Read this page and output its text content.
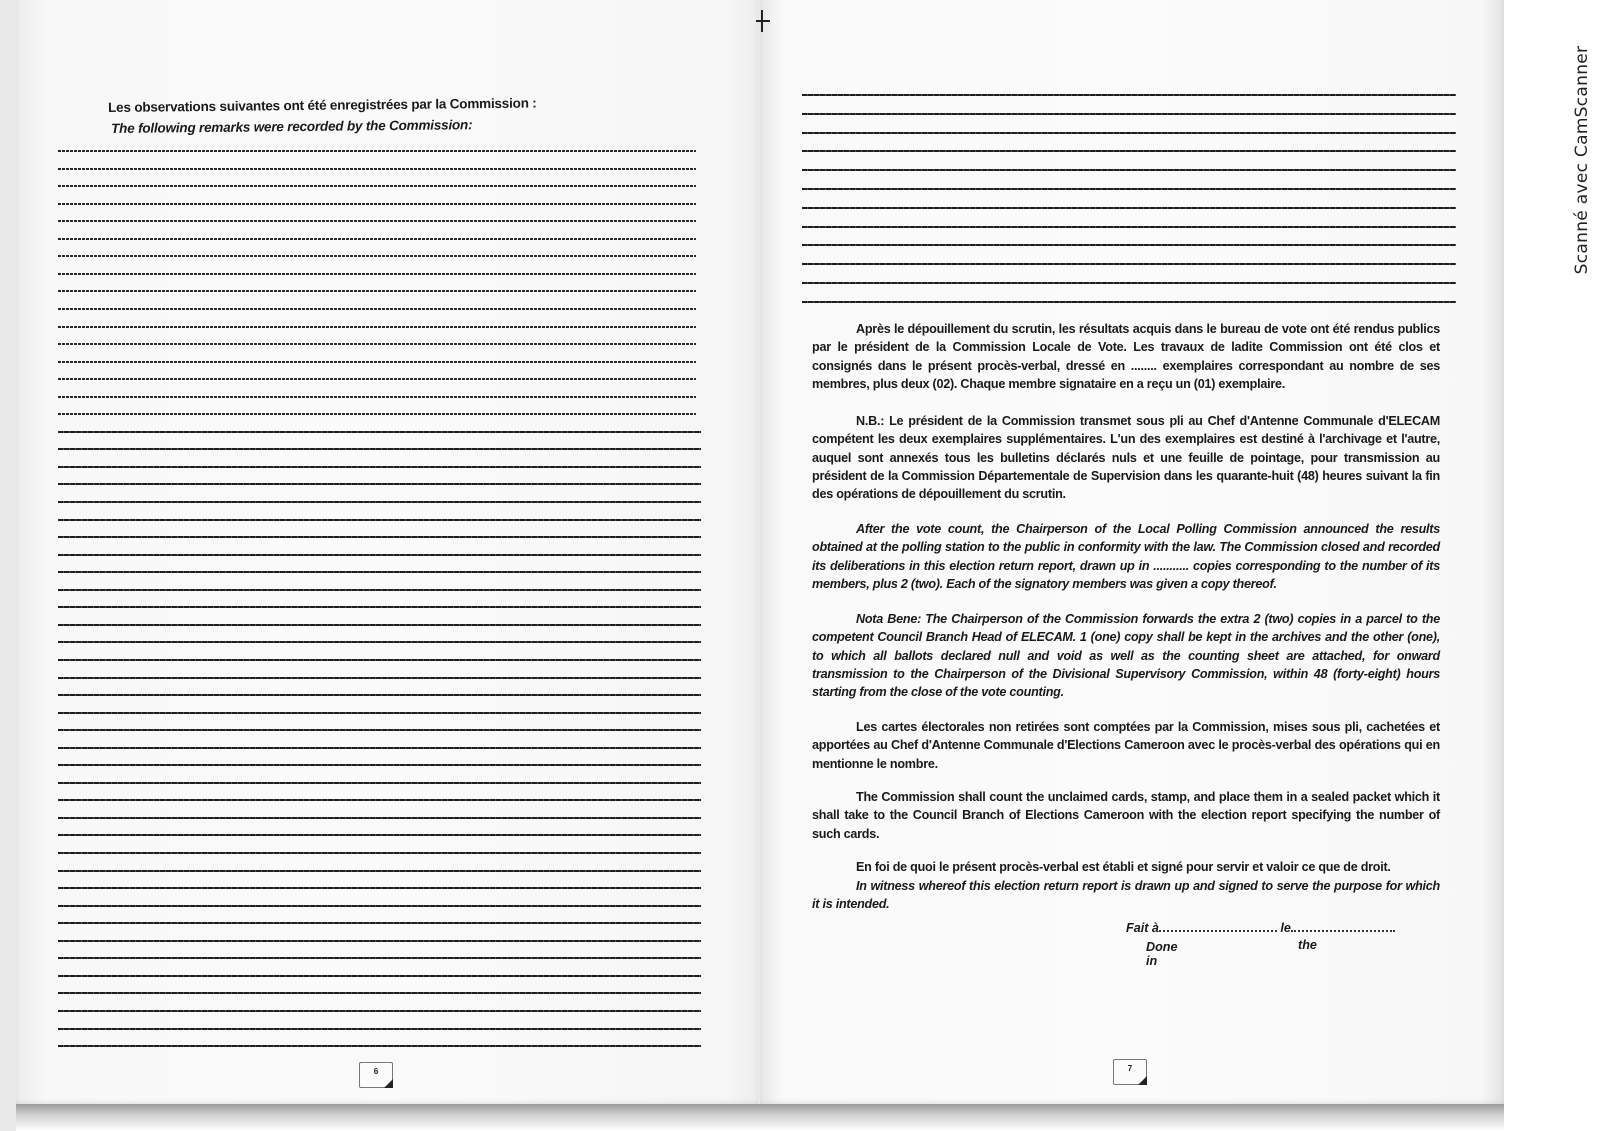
Les observations suivantes ont été enregistrées par la Commission :
The following remarks were recorded by the Commission:
6
Après le dépouillement du scrutin, les résultats acquis dans le bureau de vote ont été rendus publics par le président de la Commission Locale de Vote. Les travaux de ladite Commission ont été clos et consignés dans le présent procès-verbal, dressé en ........ exemplaires correspondant au nombre de ses membres, plus deux (02). Chaque membre signataire en a reçu un (01) exemplaire.
N.B.: Le président de la Commission transmet sous pli au Chef d'Antenne Communale d'ELECAM compétent les deux exemplaires supplémentaires. L'un des exemplaires est destiné à l'archivage et l'autre, auquel sont annexés tous les bulletins déclarés nuls et une feuille de pointage, pour transmission au président de la Commission Départementale de Supervision dans les quarante-huit (48) heures suivant la fin des opérations de dépouillement du scrutin.
After the vote count, the Chairperson of the Local Polling Commission announced the results obtained at the polling station to the public in conformity with the law. The Commission closed and recorded its deliberations in this election return report, drawn up in ........... copies corresponding to the number of its members, plus 2 (two). Each of the signatory members was given a copy thereof.
Nota Bene: The Chairperson of the Commission forwards the extra 2 (two) copies in a parcel to the competent Council Branch Head of ELECAM. 1 (one) copy shall be kept in the archives and the other (one), to which all ballots declared null and void as well as the counting sheet are attached, for onward transmission to the Chairperson of the Divisional Supervisory Commission, within 48 (forty-eight) hours starting from the close of the vote counting.
Les cartes électorales non retirées sont comptées par la Commission, mises sous pli, cachetées et apportées au Chef d'Antenne Communale d'Elections Cameroon avec le procès-verbal des opérations qui en mentionne le nombre.
The Commission shall count the unclaimed cards, stamp, and place them in a sealed packet which it shall take to the Council Branch of Elections Cameroon with the election report specifying the number of such cards.
En foi de quoi le présent procès-verbal est établi et signé pour servir et valoir ce que de droit.
In witness whereof this election return report is drawn up and signed to serve the purpose for which it is intended.
Fait à	le
Done in
the
7
Scanné avec CamScanner
